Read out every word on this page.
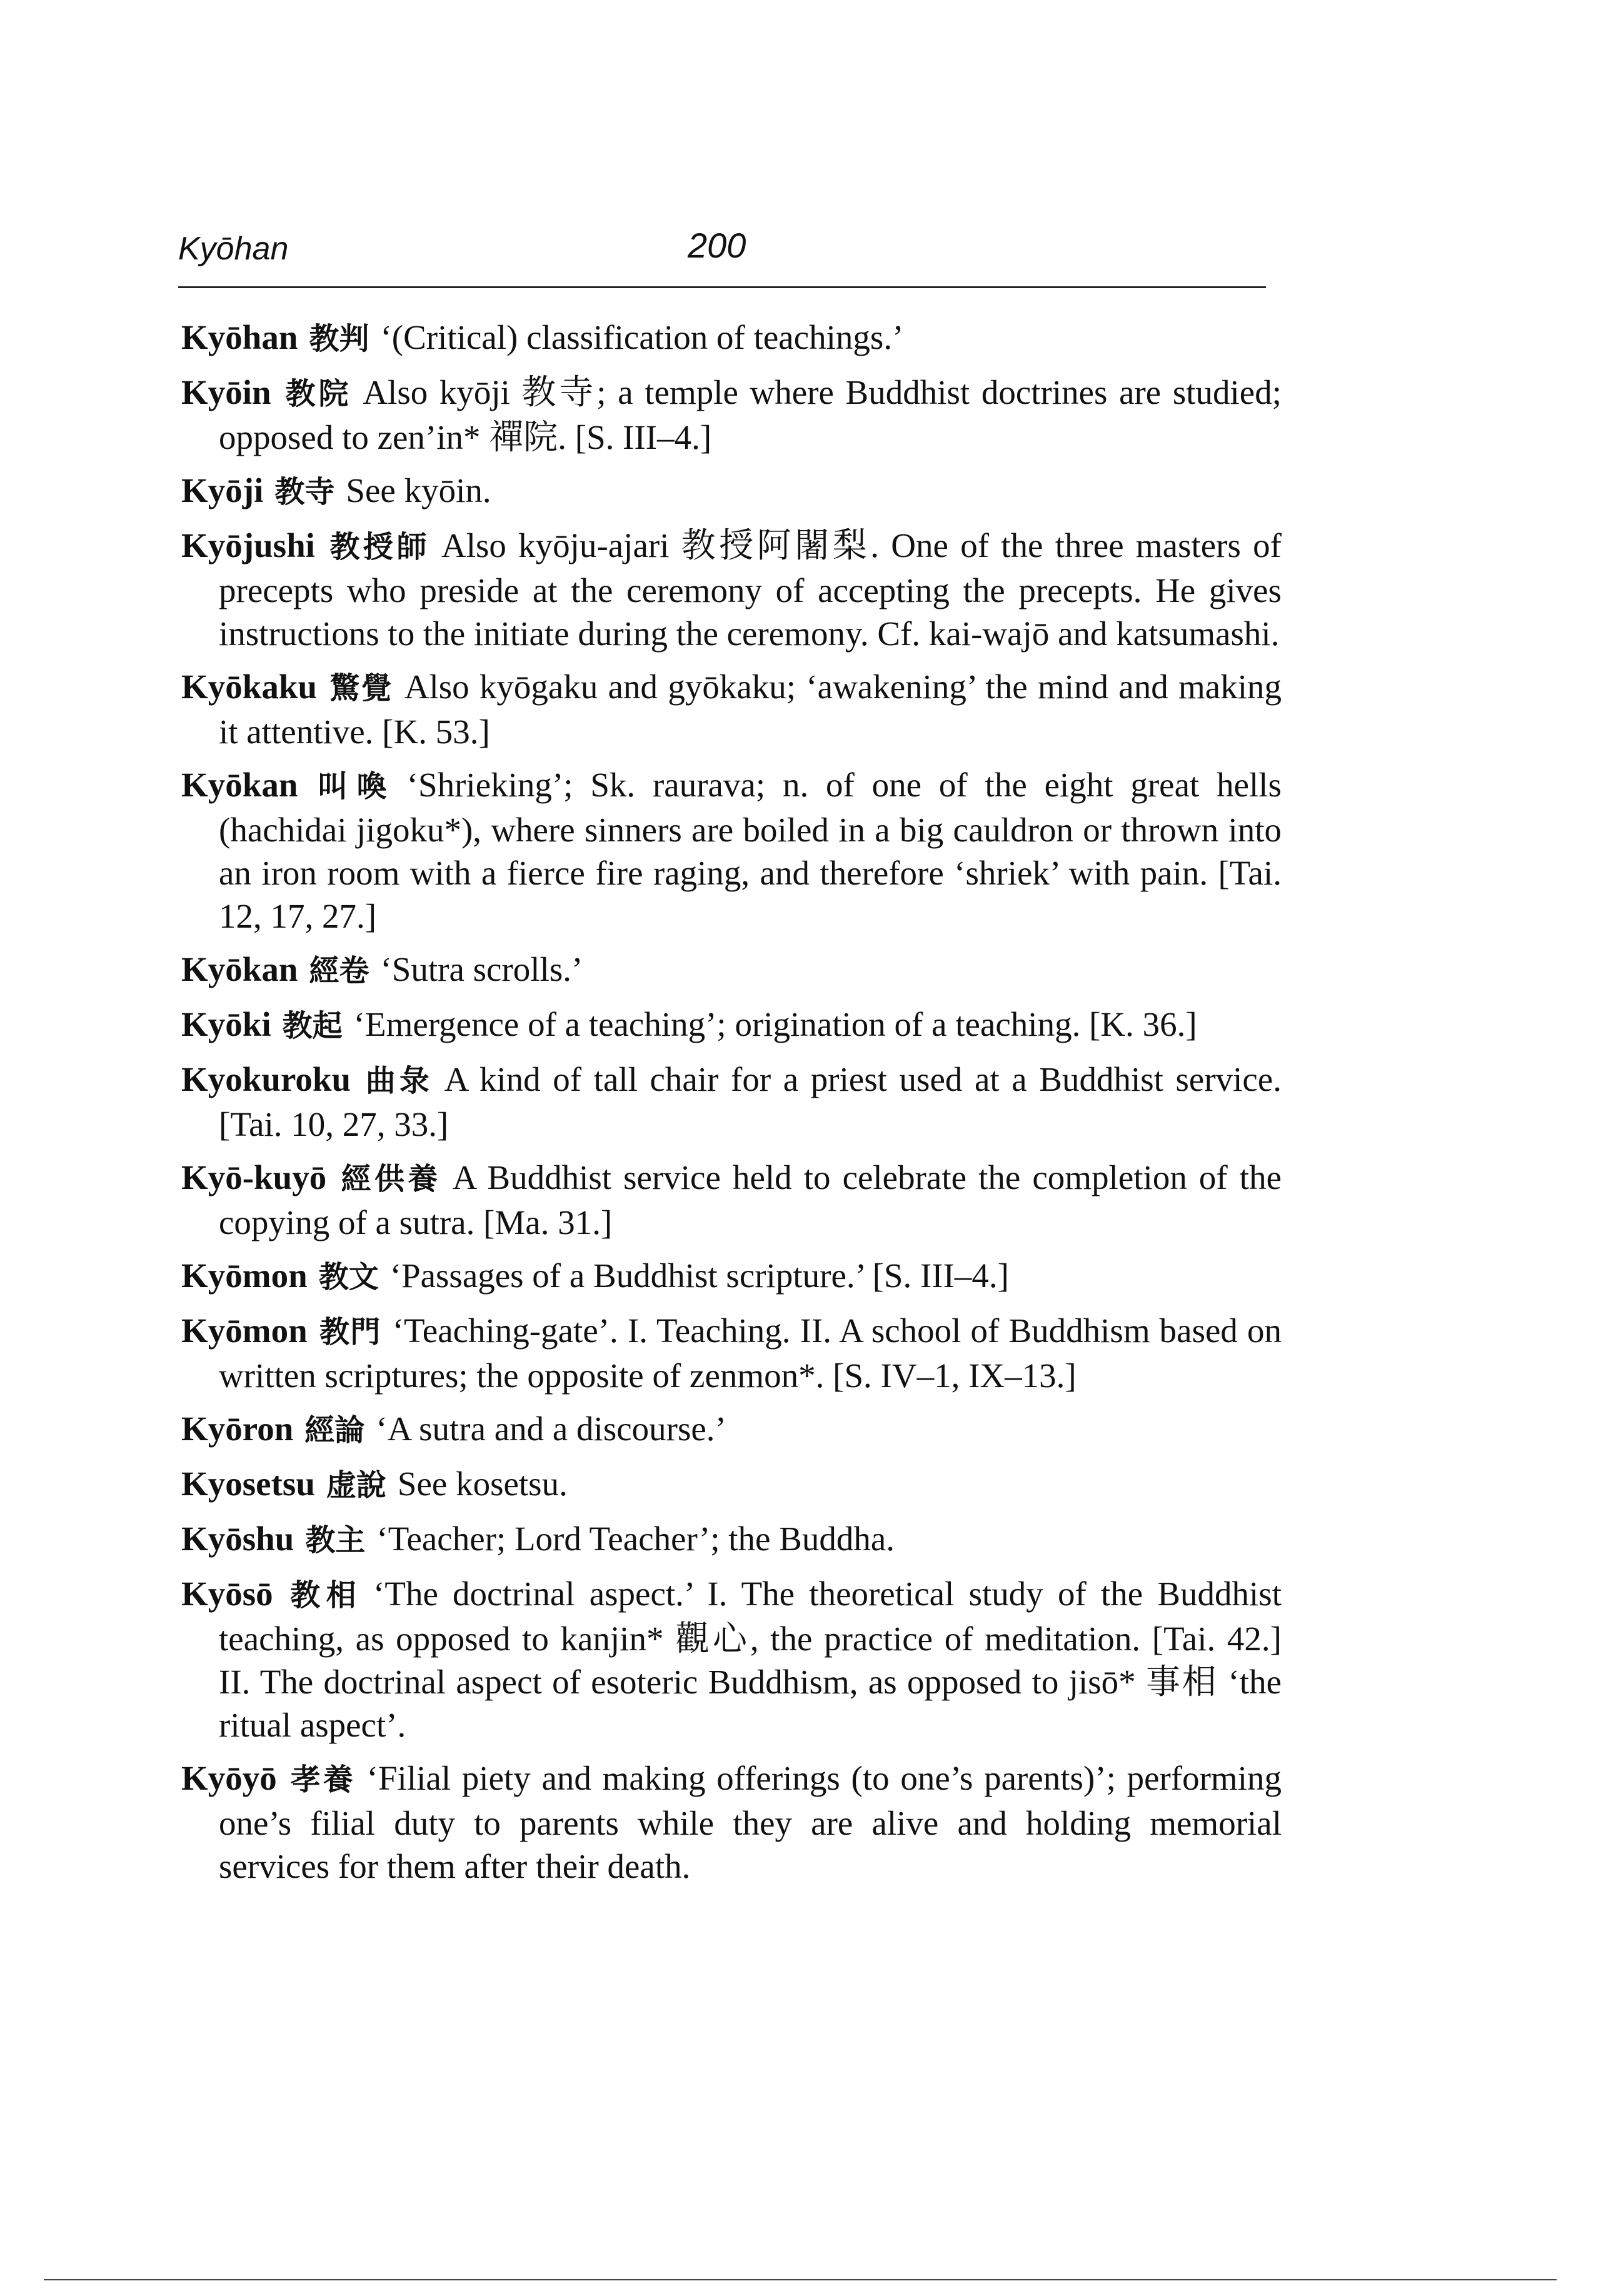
Kyōhan	200
Kyōhan 教判 ‘(Critical) classification of teachings.’
Kyōin 教院 Also kyōji 教寺; a temple where Buddhist doctrines are studied; opposed to zen’in* 禪院. [S. III–4.]
Kyōji 教寺 See kyōin.
Kyōjushi 教授師 Also kyōju-ajari 教授阿闍梨. One of the three masters of precepts who preside at the ceremony of accepting the precepts. He gives instructions to the initiate during the ceremony. Cf. kai-wajō and katsumashi.
Kyōkaku 驚覺 Also kyōgaku and gyōkaku; ‘awakening’ the mind and making it attentive. [K. 53.]
Kyōkan 叫喚 ‘Shrieking’; Sk. raurava; n. of one of the eight great hells (hachidai jigoku*), where sinners are boiled in a big cauldron or thrown into an iron room with a fierce fire raging, and therefore ‘shriek’ with pain. [Tai. 12, 17, 27.]
Kyōkan 經卷 ‘Sutra scrolls.’
Kyōki 教起 ‘Emergence of a teaching’; origination of a teaching. [K. 36.]
Kyokuroku 曲彔 A kind of tall chair for a priest used at a Buddhist service. [Tai. 10, 27, 33.]
Kyō-kuyō 經供養 A Buddhist service held to celebrate the completion of the copying of a sutra. [Ma. 31.]
Kyōmon 教文 ‘Passages of a Buddhist scripture.’ [S. III–4.]
Kyōmon 教門 ‘Teaching-gate’. I. Teaching. II. A school of Buddhism based on written scriptures; the opposite of zenmon*. [S. IV–1, IX–13.]
Kyōron 經論 ‘A sutra and a discourse.’
Kyosetsu 虚說 See kosetsu.
Kyōshu 教主 ‘Teacher; Lord Teacher’; the Buddha.
Kyōsō 教相 ‘The doctrinal aspect.’ I. The theoretical study of the Buddhist teaching, as opposed to kanjin* 觀心, the practice of meditation. [Tai. 42.] II. The doctrinal aspect of esoteric Buddhism, as opposed to jisō* 事相 ‘the ritual aspect’.
Kyōyō 孝養 ‘Filial piety and making offerings (to one’s parents)’; performing one’s filial duty to parents while they are alive and holding memorial services for them after their death.
